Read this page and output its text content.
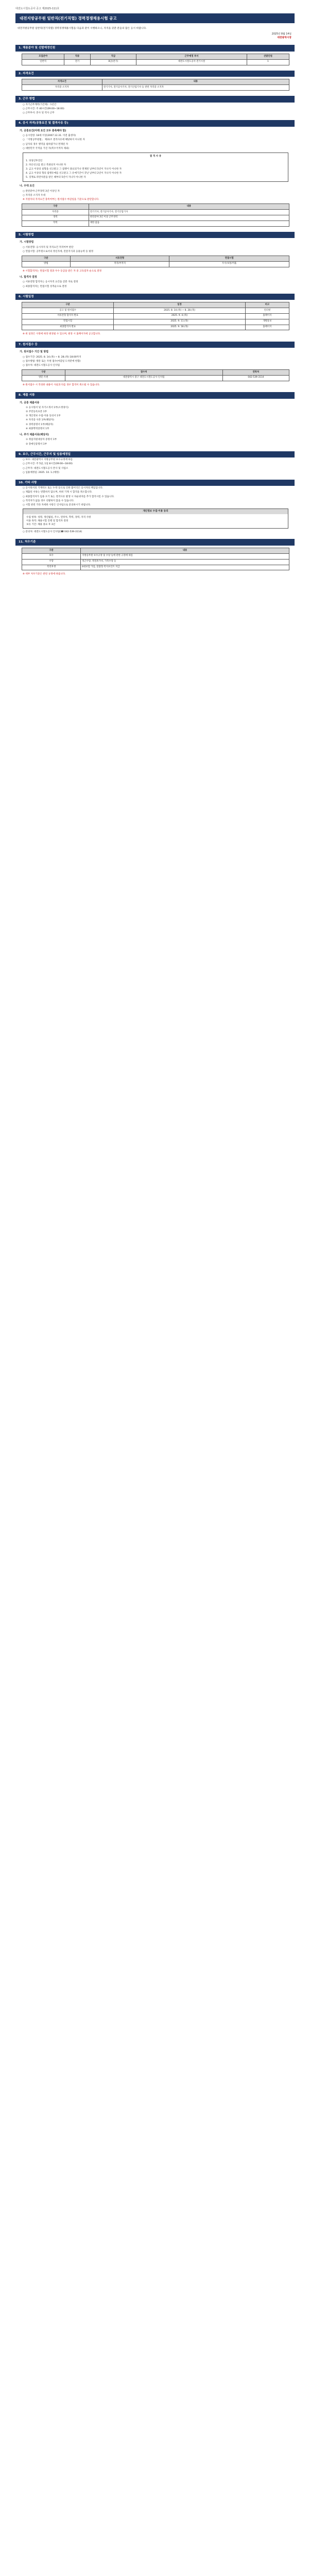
대전도시철도공사 공고 제2025-111호
대전지방공무원 일반직(전기직렬) 경력경쟁채용시험 공고
대전지방공무원 일반직(전기직렬) 경력경쟁채용시험을 다음과 같이 시행하오니, 자격을 갖춘 분들의 많은 응시 바랍니다.
2025년 8월 14일
대전광역시장
1. 채용분야 및 선발예정인원
모집분야	직류	직급	근무예정 부서	선발인원
일반직	전기	8급(전기)	대전도시철도공사 전기시설	1
2. 자격요건
자격요건	내용
자격증 소지자	전기기사, 전기공사기사, 전기산업기사 등 관련 자격증 소지자
3. 근무 방법

○ 자기근무계약(기간제) : 1년간

○ 근무시간: 주 40시간(09:00~18:00)

○ 근무부서: 본사 및 역사 근무

4. 응시 자격(공통요건 및 결격사유 등)
가. 공통요건(아래 요건 모두 충족해야 함)

○ 응시연령: 18세 이상(2007.12.31. 이전 출생자)

○ 「지방공무원법」 제31조 결격사유에 해당하지 아니한 자

○ 남자의 경우 병역을 필하였거나 면제된 자

○ 대한민국 국적을 가진 자(복수국적자 제외)

결 격 사 유

1. 피성년후견인

2. 파산선고를 받고 복권되지 아니한 자

3. 금고 이상의 실형을 선고받고 그 집행이 종료되거나 면제된 날부터 5년이 지나지 아니한 자

4. 금고 이상의 형의 집행유예를 선고받고 그 유예기간이 끝난 날부터 2년이 지나지 아니한 자

5. 징계로 파면처분을 받은 때부터 5년이 지나지 아니한 자

나. 우대 요건

○ 관련분야 근무경력 3년 이상인 자

○ 자격증 소지자 우대

※ 지원자의 자격요건 충족여부는 원서접수 마감일을 기준으로 판단합니다.

구분	내용
자격증	전기기사, 전기공사기사, 전기산업기사
경력	관련분야 3년 이상 근무경력
학력	제한 없음
5. 시험방법
가. 시험방법

○ 서류전형: 응시자격 및 자격요건 적격여부 판단

○ 면접시험: 공무원으로서의 정신자세, 전문지식과 응용능력 등 평정

구분	서류전형	면접시험
방법	적격/부적격	우수/보통/미흡

※ 시험합격자는 면접시험 결과 우수 등급을 받은 자 중 고득점자 순으로 결정

나. 합격자 결정

○ 서류전형 합격자는 응시자격 요건을 갖춘 자로 결정

○ 최종합격자는 면접시험 성적순으로 결정

6. 시험일정
구분	일정	비고
공고 및 원서접수	2025. 8. 14.(목) ~ 8. 28.(목)	인터넷
서류전형 합격자 발표	2025. 9. 4.(목)	홈페이지
면접시험	2025. 9. 11.(목)	개별통보
최종합격자 발표	2025. 9. 18.(목)	홈페이지

※ 위 일정은 사정에 따라 변경될 수 있으며, 변경 시 홈페이지에 공고합니다.

7. 원서접수 등
가. 원서접수 기간 및 방법

○ 접수기간: 2025. 8. 14.(목) ~ 8. 28.(목) 18:00까지

○ 접수방법: 방문 또는 우편 접수(마감일 도착분에 한함)

○ 접수처: 대전도시철도공사 인사팀

구분	접수처	연락처
방문·우편	대전광역시 중구 대전도시철도공사 인사팀	042-539-3114

※ 원서접수 시 작성한 내용이 사실과 다를 경우 합격이 취소될 수 있습니다.

8. 제출 서류
가. 공통 제출서류

① 응시원서 및 자기소개서 1부(소정양식)

② 주민등록초본 1부

③ 개인정보 수집·이용 동의서 1부

④ 자격증 사본 1부(해당자)

⑤ 경력증명서 1부(해당자)

⑥ 최종학력증명서 1부

나. 추가 제출서류(해당자)

① 취업지원대상자 증명서 1부

② 장애인증명서 1부

9. 보수, 근무시간, 근무지 및 임용예정일

○ 보수: 대전광역시 지방공무원 보수규정에 따름

○ 근무시간: 주 5일, 1일 8시간(09:00~18:00)

○ 근무지: 대전도시철도공사 본사 및 사업소

○ 임용예정일: 2025. 10. 1.(예정)

10. 기타 사항

○ 응시원서의 기재착오 또는 누락 등으로 인한 불이익은 응시자의 책임입니다.

○ 제출된 서류는 반환하지 않으며, 허위 기재 시 합격을 취소합니다.

○ 최종합격자가 임용 포기 또는 결격사유 발생 시 차순위자를 추가 합격시킬 수 있습니다.

○ 적격자가 없을 경우 선발하지 않을 수 있습니다.

○ 시험 관련 기타 자세한 사항은 인사팀으로 문의하시기 바랍니다.

개인정보 수집·이용 동의

수집 항목: 성명, 생년월일, 주소, 연락처, 학력, 경력, 자격 사항

이용 목적: 채용시험 진행 및 합격자 결정

보유 기간: 채용 종료 후 3년

○ 문의처: 대전도시철도공사 인사팀(☎ 042-539-3114)

11. 처우기준
구분	내용
보수	지방공무원 보수규정 및 수당 등에 관한 규정에 따름
수당	정근수당, 명절휴가비, 가족수당 등
복리후생	4대보험 가입, 맞춤형 복지포인트 지급

※ 세부 처우기준은 관련 규정에 따릅니다.
